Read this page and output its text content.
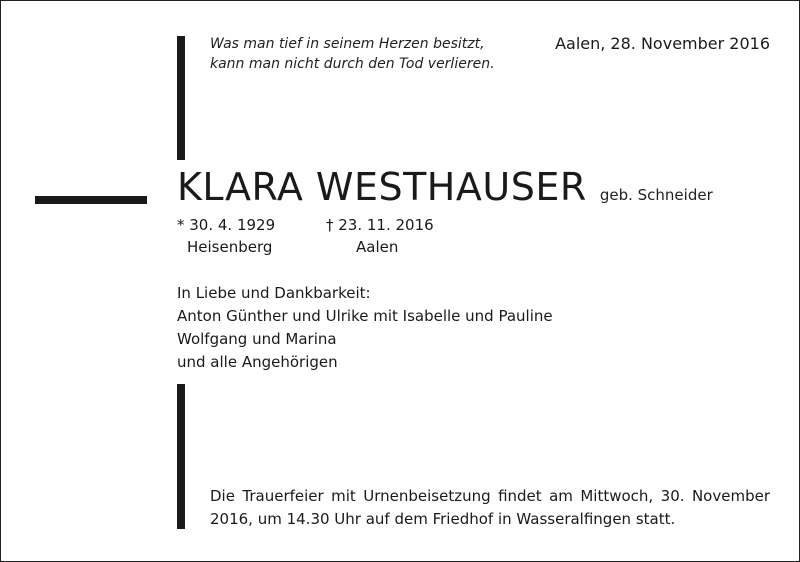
Was man tief in seinem Herzen besitzt,
kann man nicht durch den Tod verlieren.
Aalen, 28. November 2016
KLARA WESTHAUSER geb. Schneider
* 30. 4. 1929
Heisenberg
† 23. 11. 2016
Aalen
In Liebe und Dankbarkeit:
Anton Günther und Ulrike mit Isabelle und Pauline
Wolfgang und Marina
und alle Angehörigen
Die Trauerfeier mit Urnenbeisetzung findet am Mittwoch, 30. November 2016, um 14.30 Uhr auf dem Friedhof in Wasseralfingen statt.
